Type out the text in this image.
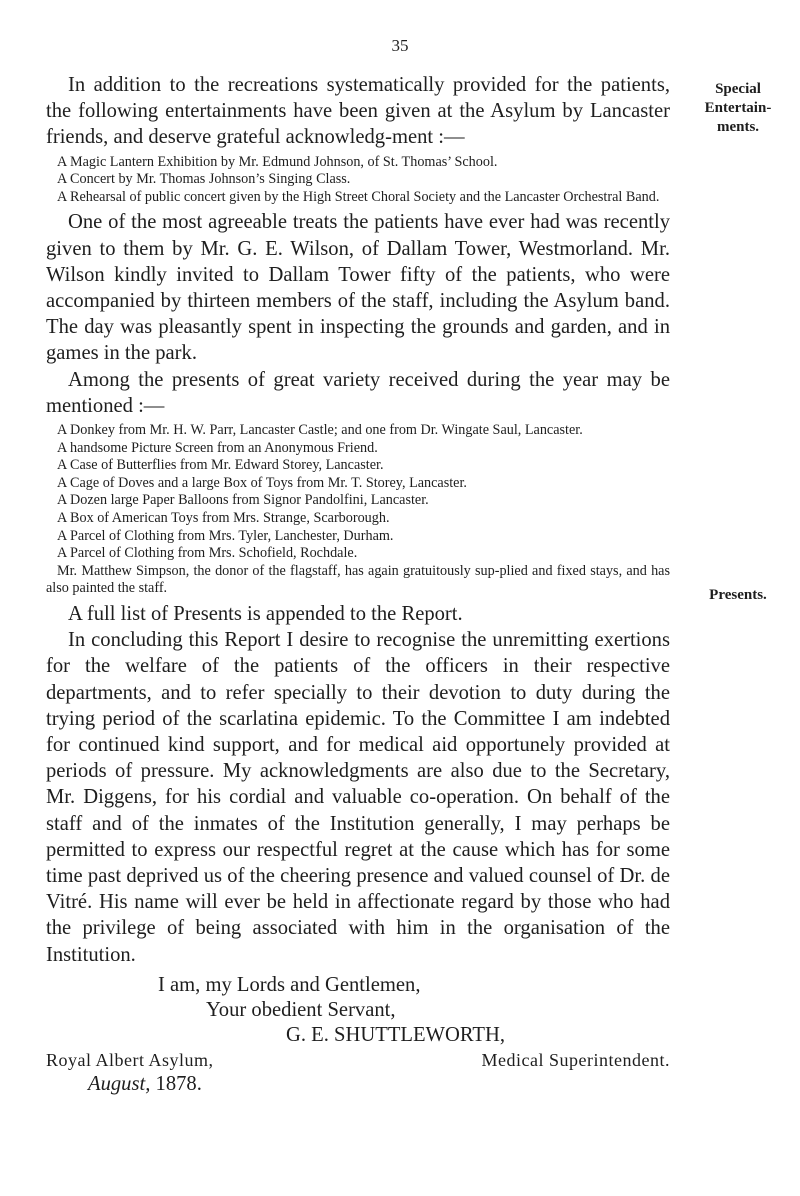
35
Special
Entertain-
ments.
Presents.

In addition to the recreations systematically provided for the patients, the following entertainments have been given at the Asylum by Lancaster friends, and deserve grateful acknowledg-ment :—

A Magic Lantern Exhibition by Mr. Edmund Johnson, of St. Thomas’ School.

A Concert by Mr. Thomas Johnson’s Singing Class.

A Rehearsal of public concert given by the High Street Choral Society and the Lancaster Orchestral Band.

One of the most agreeable treats the patients have ever had was recently given to them by Mr. G. E. Wilson, of Dallam Tower, Westmorland. Mr. Wilson kindly invited to Dallam Tower fifty of the patients, who were accompanied by thirteen members of the staff, including the Asylum band. The day was pleasantly spent in inspecting the grounds and garden, and in games in the park.

Among the presents of great variety received during the year may be mentioned :—

A Donkey from Mr. H. W. Parr, Lancaster Castle; and one from Dr. Wingate Saul, Lancaster.

A handsome Picture Screen from an Anonymous Friend.

A Case of Butterflies from Mr. Edward Storey, Lancaster.

A Cage of Doves and a large Box of Toys from Mr. T. Storey, Lancaster.

A Dozen large Paper Balloons from Signor Pandolfini, Lancaster.

A Box of American Toys from Mrs. Strange, Scarborough.

A Parcel of Clothing from Mrs. Tyler, Lanchester, Durham.

A Parcel of Clothing from Mrs. Schofield, Rochdale.

Mr. Matthew Simpson, the donor of the flagstaff, has again gratuitously sup-plied and fixed stays, and has also painted the staff.

A full list of Presents is appended to the Report.

In concluding this Report I desire to recognise the unremitting exertions for the welfare of the patients of the officers in their respective departments, and to refer specially to their devotion to duty during the trying period of the scarlatina epidemic. To the Committee I am indebted for continued kind support, and for medical aid opportunely provided at periods of pressure. My acknowledgments are also due to the Secretary, Mr. Diggens, for his cordial and valuable co-operation. On behalf of the staff and of the inmates of the Institution generally, I may perhaps be permitted to express our respectful regret at the cause which has for some time past deprived us of the cheering presence and valued counsel of Dr. de Vitré. His name will ever be held in affectionate regard by those who had the privilege of being associated with him in the organisation of the Institution.

I am, my Lords and Gentlemen,
Your obedient Servant,
G. E. SHUTTLEWORTH,
Royal Albert Asylum,	Medical Superintendent.
August, 1878.
